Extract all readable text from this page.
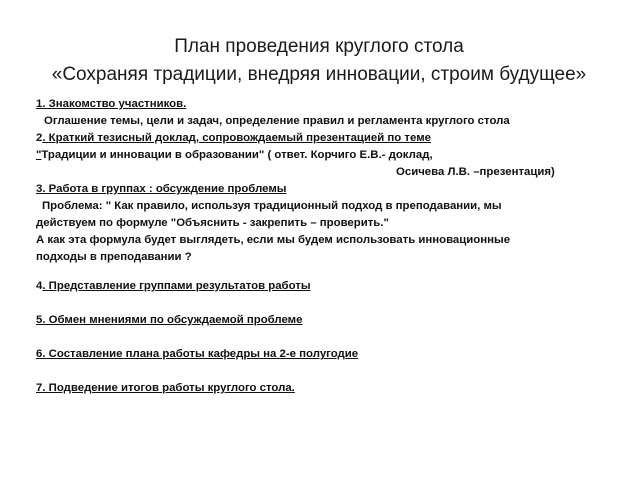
План проведения круглого стола
«Сохраняя традиции, внедряя инновации, строим будущее»
1. Знакомство участников.
Оглашение темы, цели и задач, определение правил и регламента круглого стола
2. Краткий тезисный доклад, сопровождаемый презентацией по теме
"Традиции и инновации в образовании" ( ответ. Корчиго Е.В.- доклад,
Осичева Л.В. –презентация)
3. Работа в группах : обсуждение проблемы
Проблема: " Как правило, используя традиционный подход в преподавании, мы
действуем по формуле "Объяснить - закрепить – проверить."
А как эта формула будет выглядеть, если мы будем использовать инновационные
подходы в преподавании ?
4. Представление группами результатов работы
5. Обмен мнениями по обсуждаемой проблеме
6. Составление плана работы кафедры на 2-е полугодие
7. Подведение итогов работы круглого стола.
